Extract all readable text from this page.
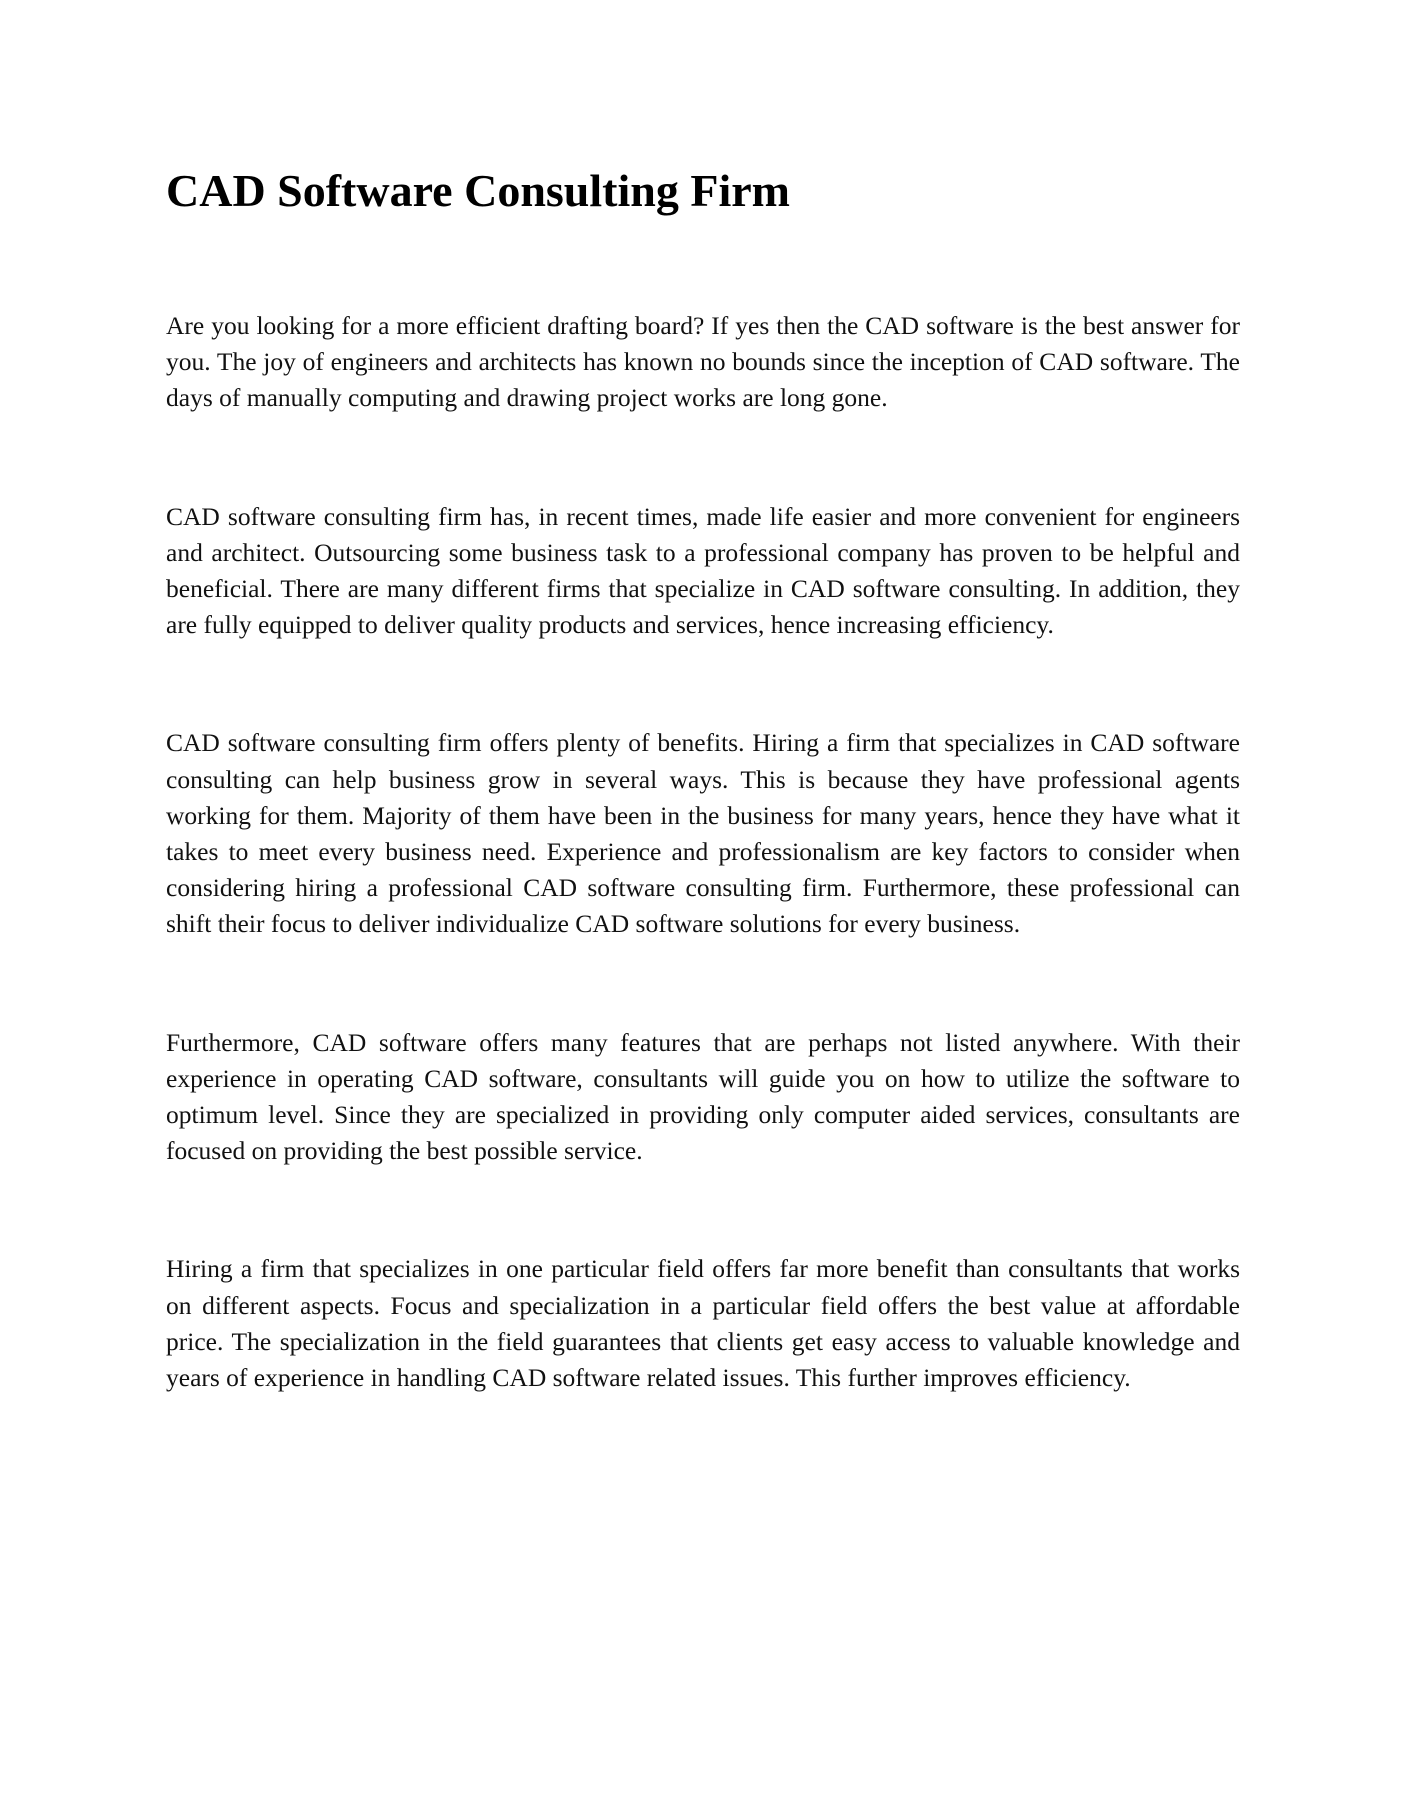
CAD Software Consulting Firm

Are you looking for a more efficient drafting board? If yes then the CAD software is the best answer for you. The joy of engineers and architects has known no bounds since the inception of CAD software. The days of manually computing and drawing project works are long gone.

CAD software consulting firm has, in recent times, made life easier and more convenient for engineers and architect. Outsourcing some business task to a professional company has proven to be helpful and beneficial. There are many different firms that specialize in CAD software consulting. In addition, they are fully equipped to deliver quality products and services, hence increasing efficiency.

CAD software consulting firm offers plenty of benefits. Hiring a firm that specializes in CAD software consulting can help business grow in several ways. This is because they have professional agents working for them. Majority of them have been in the business for many years, hence they have what it takes to meet every business need. Experience and professionalism are key factors to consider when considering hiring a professional CAD software consulting firm. Furthermore, these professional can shift their focus to deliver individualize CAD software solutions for every business.

Furthermore, CAD software offers many features that are perhaps not listed anywhere. With their experience in operating CAD software, consultants will guide you on how to utilize the software to optimum level. Since they are specialized in providing only computer aided services, consultants are focused on providing the best possible service.

Hiring a firm that specializes in one particular field offers far more benefit than consultants that works on different aspects. Focus and specialization in a particular field offers the best value at affordable price. The specialization in the field guarantees that clients get easy access to valuable knowledge and years of experience in handling CAD software related issues. This further improves efficiency.
